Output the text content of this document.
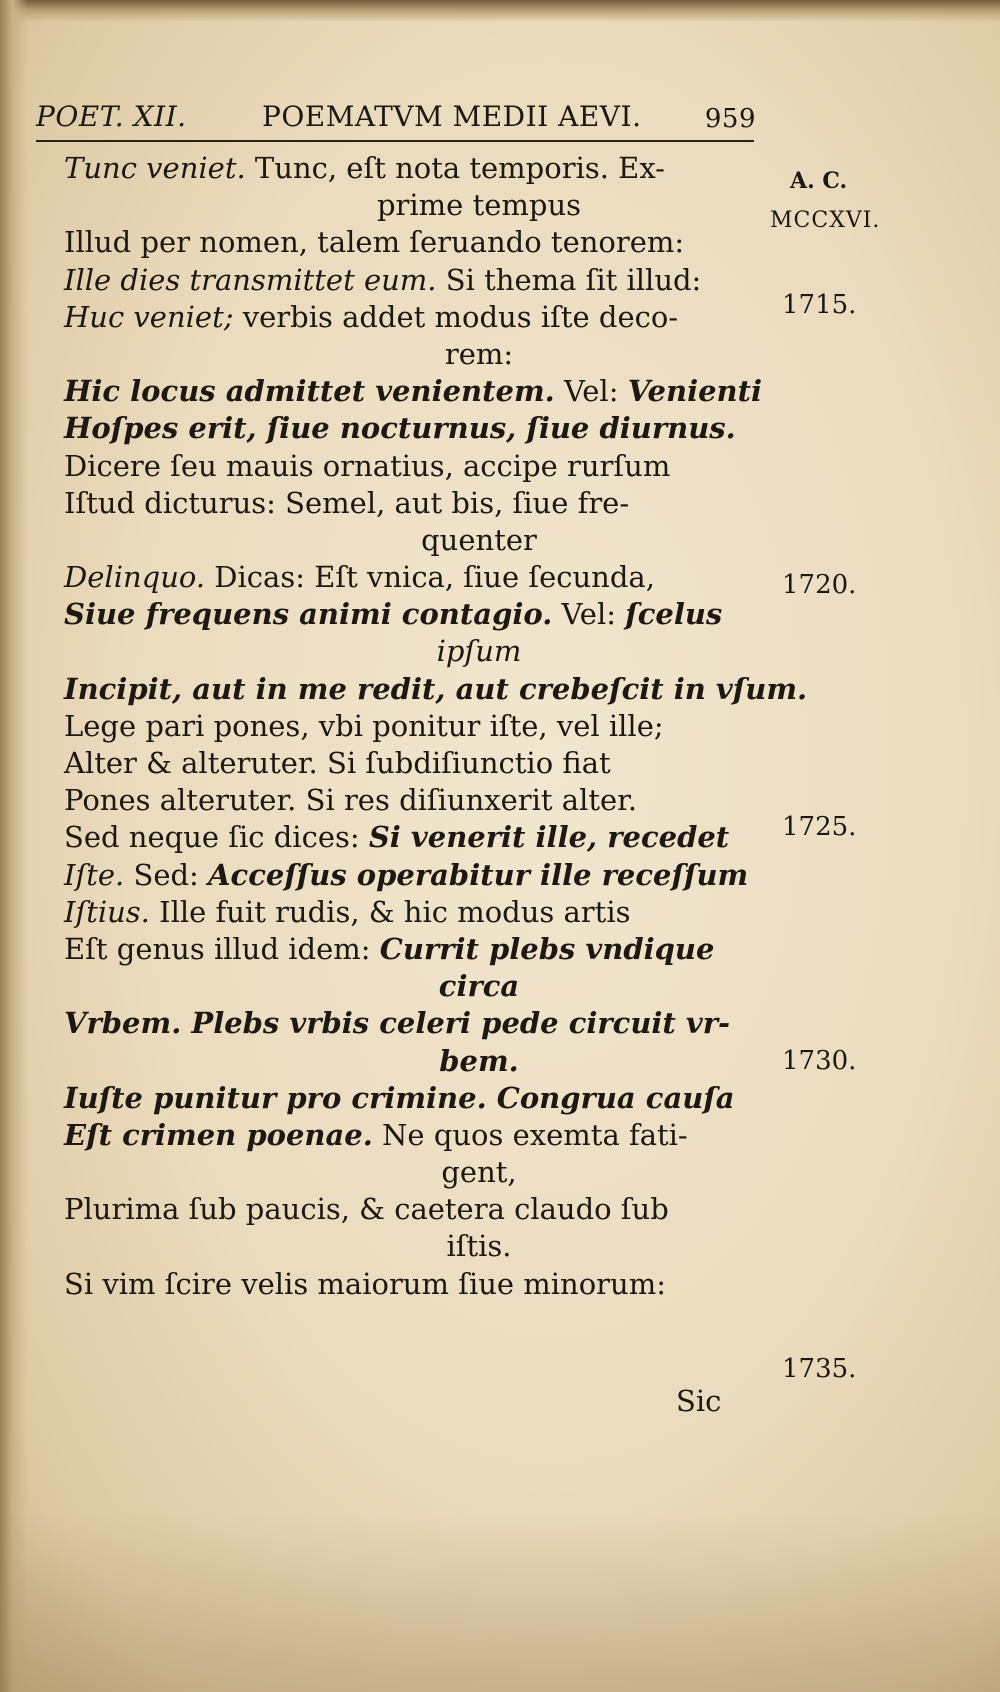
POET. XII.	POEMATVM MEDII AEVI. 959
A. C.
MCCXVI.
1715.
1720.
1725.
1730.
1735.
Tunc veniet. Tunc, eſt nota temporis. Ex-
prime tempus
Illud per nomen, talem ſeruando tenorem:
Ille dies transmittet eum. Si thema ſit illud:
Huc veniet; verbis addet modus iſte deco-
rem:
Hic locus admittet venientem. Vel: Venienti
Hoſpes erit, ſiue nocturnus, ſiue diurnus.
Dicere ſeu mauis ornatius, accipe rurſum
Iſtud dicturus: Semel, aut bis, ſiue fre-
quenter
Delinquo. Dicas: Eſt vnica, ſiue ſecunda,
Siue frequens animi contagio. Vel: ſcelus
ipſum
Incipit, aut in me redit, aut crebeſcit in vſum.
Lege pari pones, vbi ponitur iſte, vel ille;
Alter & alteruter. Si ſubdiſiunctio fiat
Pones alteruter. Si res diſiunxerit alter.
Sed neque ſic dices: Si venerit ille, recedet
Iſte. Sed: Acceſſus operabitur ille receſſum
Iſtius. Ille fuit rudis, & hic modus artis
Eſt genus illud idem: Currit plebs vndique
circa
Vrbem. Plebs vrbis celeri pede circuit vr-
bem.
Iuſte punitur pro crimine. Congrua cauſa
Eſt crimen poenae. Ne quos exemta fati-
gent,
Plurima ſub paucis, & caetera claudo ſub
iſtis.
Si vim ſcire velis maiorum ſiue minorum:
Sic
